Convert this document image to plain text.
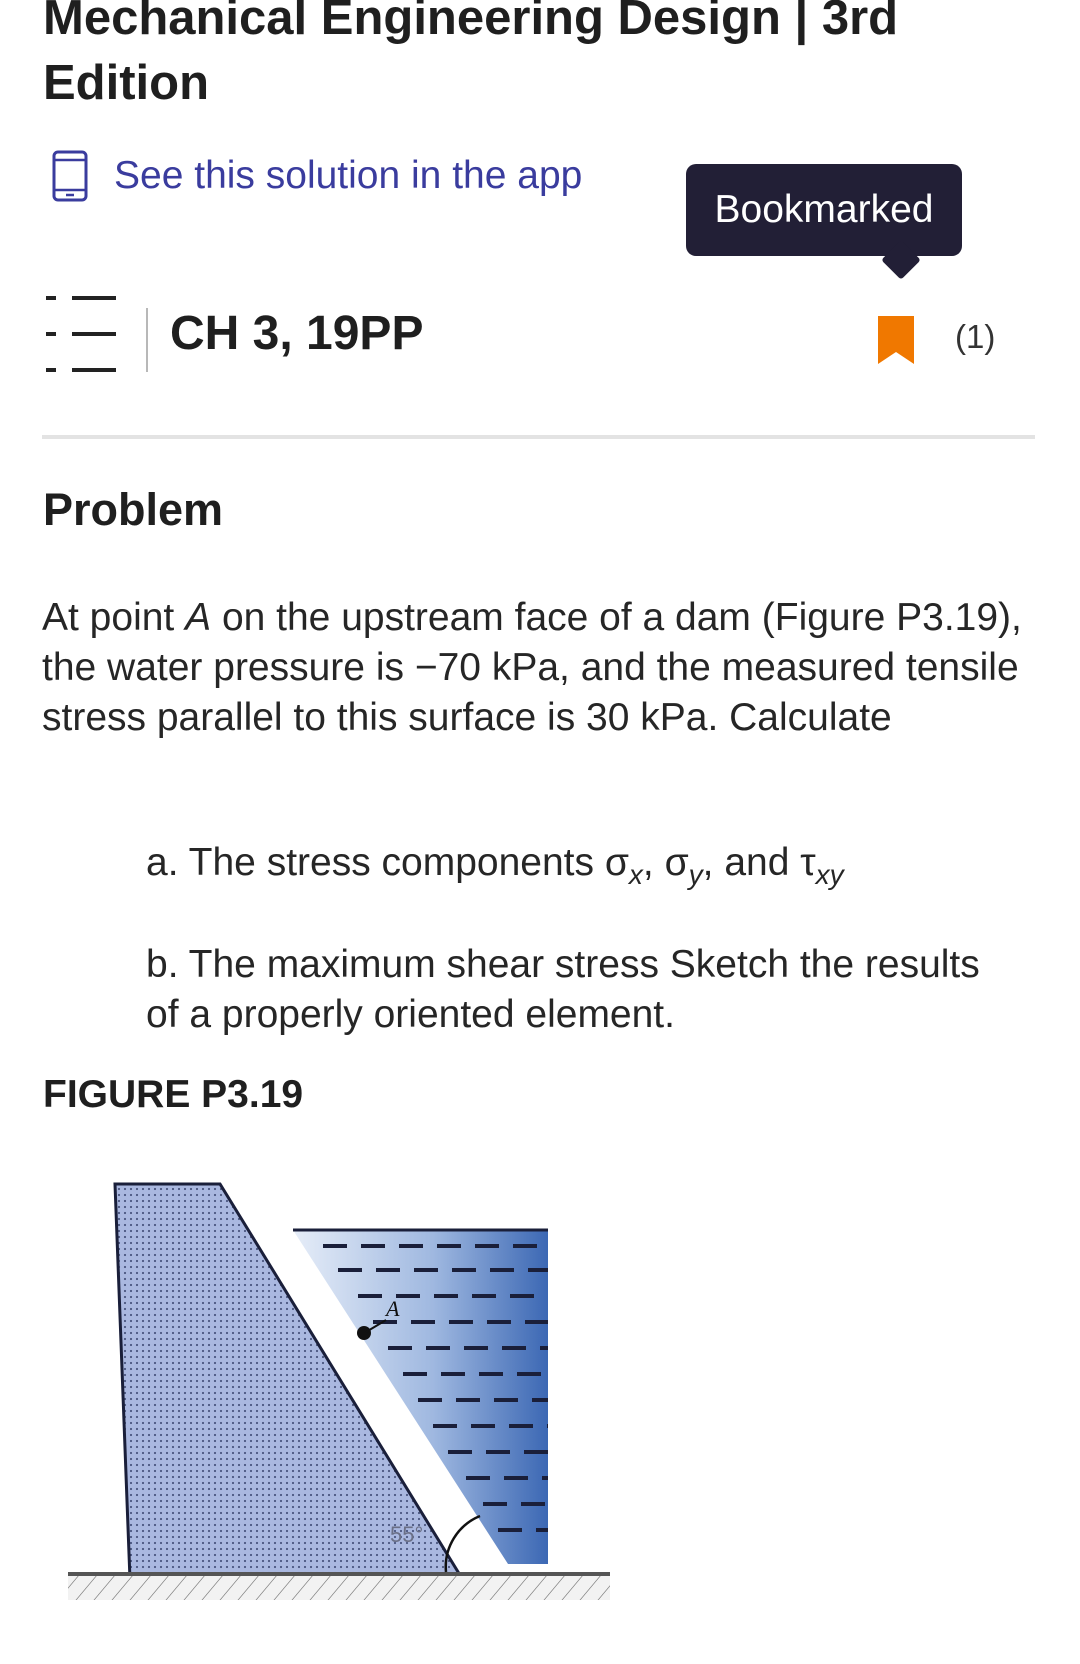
Mechanical Engineering Design | 3rd Edition
See this solution in the app
Bookmarked
CH 3, 19PP	(1)
Problem

At point A on the upstream face of a dam (Figure P3.19), the water pressure is −70 kPa, and the measured tensile stress parallel to this surface is 30 kPa. Calculate

a. The stress components $\sigma_x$, $\sigma_y$, and $\tau_{xy}$
b. The maximum shear stress Sketch the results of a properly oriented element.
FIGURE P3.19
A
55°
